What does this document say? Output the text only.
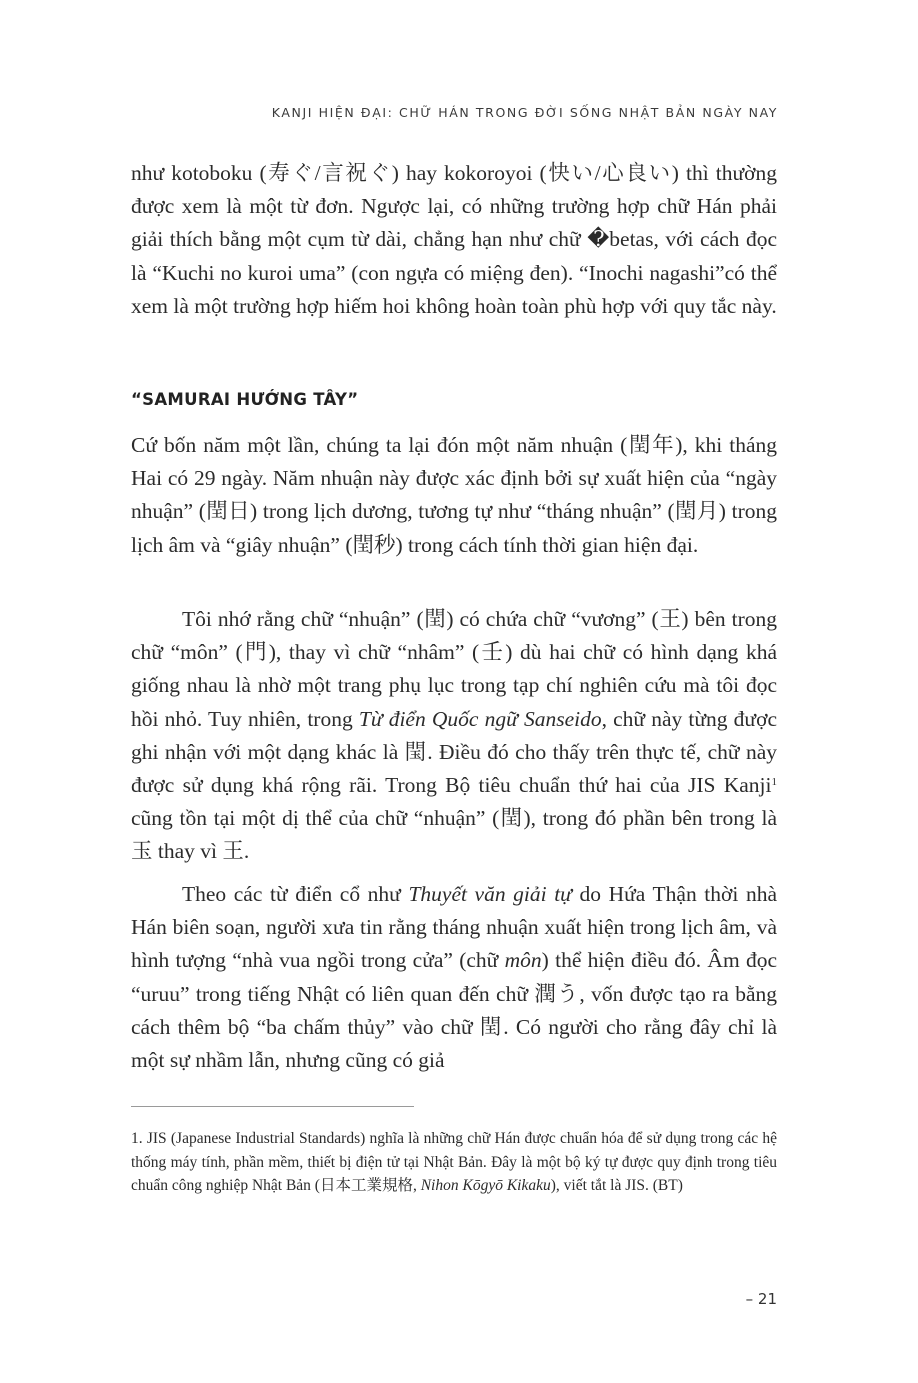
KANJI HIỆN ĐẠI: CHỮ HÁN TRONG ĐỜI SỐNG NHẬT BẢN NGÀY NAY

như kotoboku (寿ぐ/言祝ぐ) hay kokoroyoi (快い/心良い) thì thường được xem là một từ đơn. Ngược lại, có những trường hợp chữ Hán phải giải thích bằng một cụm từ dài, chẳng hạn như chữ �betas, với cách đọc là “Kuchi no kuroi uma” (con ngựa có miệng đen). “Inochi nagashi”có thể xem là một trường hợp hiếm hoi không hoàn toàn phù hợp với quy tắc này.

“SAMURAI HƯỚNG TÂY”

Cứ bốn năm một lần, chúng ta lại đón một năm nhuận (閏年), khi tháng Hai có 29 ngày. Năm nhuận này được xác định bởi sự xuất hiện của “ngày nhuận” (閏日) trong lịch dương, tương tự như “tháng nhuận” (閏月) trong lịch âm và “giây nhuận” (閏秒) trong cách tính thời gian hiện đại.

Tôi nhớ rằng chữ “nhuận” (閏) có chứa chữ “vương” (王) bên trong chữ “môn” (門), thay vì chữ “nhâm” (壬) dù hai chữ có hình dạng khá giống nhau là nhờ một trang phụ lục trong tạp chí nghiên cứu mà tôi đọc hồi nhỏ. Tuy nhiên, trong Từ điển Quốc ngữ Sanseido, chữ này từng được ghi nhận với một dạng khác là 閠. Điều đó cho thấy trên thực tế, chữ này được sử dụng khá rộng rãi. Trong Bộ tiêu chuẩn thứ hai của JIS Kanji$^1$ cũng tồn tại một dị thể của chữ “nhuận” (閏), trong đó phần bên trong là 玉 thay vì 王.

Theo các từ điển cổ như Thuyết văn giải tự do Hứa Thận thời nhà Hán biên soạn, người xưa tin rằng tháng nhuận xuất hiện trong lịch âm, và hình tượng “nhà vua ngồi trong cửa” (chữ môn) thể hiện điều đó. Âm đọc “uruu” trong tiếng Nhật có liên quan đến chữ 潤う, vốn được tạo ra bằng cách thêm bộ “ba chấm thủy” vào chữ 閏. Có người cho rằng đây chỉ là một sự nhầm lẫn, nhưng cũng có giả

1. JIS (Japanese Industrial Standards) nghĩa là những chữ Hán được chuẩn hóa để sử dụng trong các hệ thống máy tính, phần mềm, thiết bị điện tử tại Nhật Bản. Đây là một bộ ký tự được quy định trong tiêu chuẩn công nghiệp Nhật Bản (日本工業規格, Nihon Kōgyō Kikaku), viết tắt là JIS. (BT)
– 21
